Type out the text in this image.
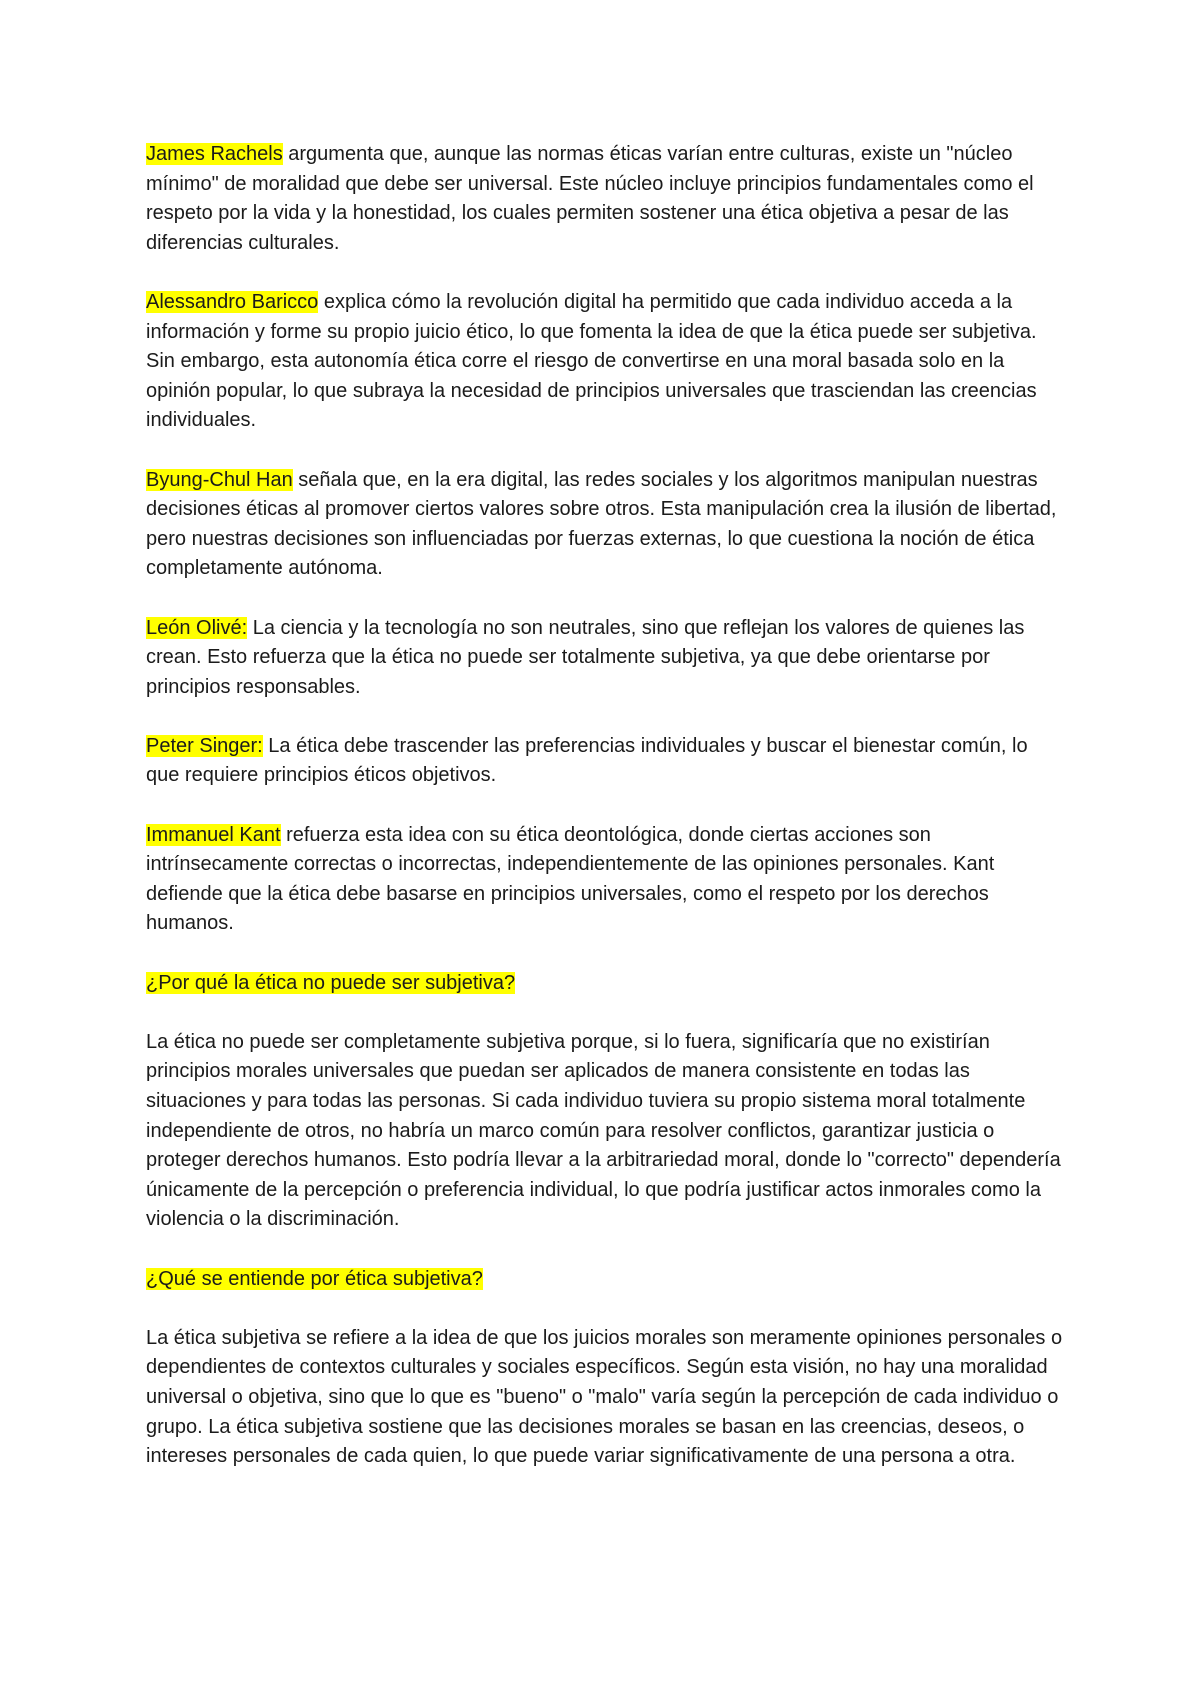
James Rachels argumenta que, aunque las normas éticas varían entre culturas, existe un "núcleo mínimo" de moralidad que debe ser universal. Este núcleo incluye principios fundamentales como el respeto por la vida y la honestidad, los cuales permiten sostener una ética objetiva a pesar de las diferencias culturales.

Alessandro Baricco explica cómo la revolución digital ha permitido que cada individuo acceda a la información y forme su propio juicio ético, lo que fomenta la idea de que la ética puede ser subjetiva. Sin embargo, esta autonomía ética corre el riesgo de convertirse en una moral basada solo en la opinión popular, lo que subraya la necesidad de principios universales que trasciendan las creencias individuales.

Byung-Chul Han señala que, en la era digital, las redes sociales y los algoritmos manipulan nuestras decisiones éticas al promover ciertos valores sobre otros. Esta manipulación crea la ilusión de libertad, pero nuestras decisiones son influenciadas por fuerzas externas, lo que cuestiona la noción de ética completamente autónoma.

León Olivé: La ciencia y la tecnología no son neutrales, sino que reflejan los valores de quienes las crean. Esto refuerza que la ética no puede ser totalmente subjetiva, ya que debe orientarse por principios responsables.

Peter Singer: La ética debe trascender las preferencias individuales y buscar el bienestar común, lo que requiere principios éticos objetivos.

Immanuel Kant refuerza esta idea con su ética deontológica, donde ciertas acciones son intrínsecamente correctas o incorrectas, independientemente de las opiniones personales. Kant defiende que la ética debe basarse en principios universales, como el respeto por los derechos humanos.

¿Por qué la ética no puede ser subjetiva?

La ética no puede ser completamente subjetiva porque, si lo fuera, significaría que no existirían principios morales universales que puedan ser aplicados de manera consistente en todas las situaciones y para todas las personas. Si cada individuo tuviera su propio sistema moral totalmente independiente de otros, no habría un marco común para resolver conflictos, garantizar justicia o proteger derechos humanos. Esto podría llevar a la arbitrariedad moral, donde lo "correcto" dependería únicamente de la percepción o preferencia individual, lo que podría justificar actos inmorales como la violencia o la discriminación.

¿Qué se entiende por ética subjetiva?

La ética subjetiva se refiere a la idea de que los juicios morales son meramente opiniones personales o dependientes de contextos culturales y sociales específicos. Según esta visión, no hay una moralidad universal o objetiva, sino que lo que es "bueno" o "malo" varía según la percepción de cada individuo o grupo. La ética subjetiva sostiene que las decisiones morales se basan en las creencias, deseos, o intereses personales de cada quien, lo que puede variar significativamente de una persona a otra.
